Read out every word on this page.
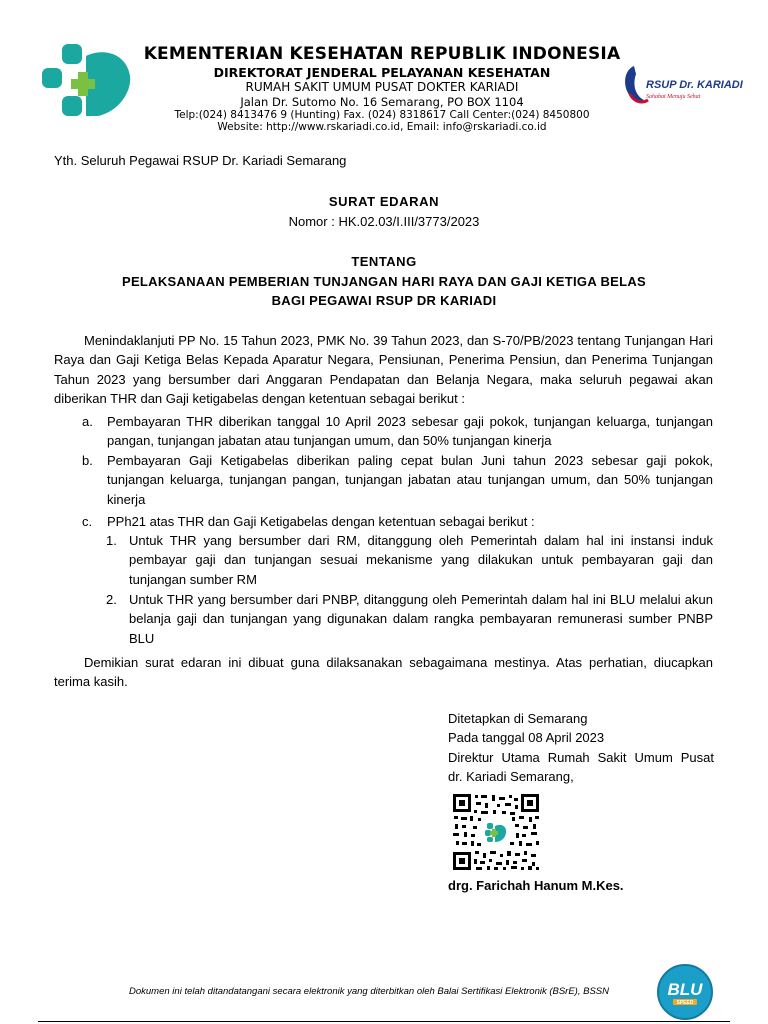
KEMENTERIAN KESEHATAN REPUBLIK INDONESIA
DIREKTORAT JENDERAL PELAYANAN KESEHATAN
RUMAH SAKIT UMUM PUSAT DOKTER KARIADI
Jalan Dr. Sutomo No. 16 Semarang, PO BOX 1104
Telp:(024) 8413476 9 (Hunting) Fax. (024) 8318617 Call Center:(024) 8450800
Website: http://www.rskariadi.co.id, Email: info@rskariadi.co.id
RSUP Dr. KARIADI
Sahabat Menuju Sehat
Yth. Seluruh Pegawai RSUP Dr. Kariadi Semarang
SURAT EDARAN
Nomor : HK.02.03/I.III/3773/2023
TENTANG
PELAKSANAAN PEMBERIAN TUNJANGAN HARI RAYA DAN GAJI KETIGA BELAS
BAGI PEGAWAI RSUP DR KARIADI
Menindaklanjuti PP No. 15 Tahun 2023, PMK No. 39 Tahun 2023, dan S-70/PB/2023 tentang Tunjangan Hari Raya dan Gaji Ketiga Belas Kepada Aparatur Negara, Pensiunan, Penerima Pensiun, dan Penerima Tunjangan Tahun 2023 yang bersumber dari Anggaran Pendapatan dan Belanja Negara, maka seluruh pegawai akan diberikan THR dan Gaji ketigabelas dengan ketentuan sebagai berikut :
a.	Pembayaran THR diberikan tanggal 10 April 2023 sebesar gaji pokok, tunjangan keluarga, tunjangan pangan, tunjangan jabatan atau tunjangan umum, dan 50% tunjangan kinerja
b.	Pembayaran Gaji Ketigabelas diberikan paling cepat bulan Juni tahun 2023 sebesar gaji pokok, tunjangan keluarga, tunjangan pangan, tunjangan jabatan atau tunjangan umum, dan 50% tunjangan kinerja
c.	PPh21 atas THR dan Gaji Ketigabelas dengan ketentuan sebagai berikut :
1. Untuk THR yang bersumber dari RM, ditanggung oleh Pemerintah dalam hal ini instansi induk pembayar gaji dan tunjangan sesuai mekanisme yang dilakukan untuk pembayaran gaji dan tunjangan sumber RM
2. Untuk THR yang bersumber dari PNBP, ditanggung oleh Pemerintah dalam hal ini BLU melalui akun belanja gaji dan tunjangan yang digunakan dalam rangka pembayaran remunerasi sumber PNBP BLU
Demikian surat edaran ini dibuat guna dilaksanakan sebagaimana mestinya. Atas perhatian, diucapkan terima kasih.
Ditetapkan di Semarang
Pada tanggal 08 April 2023
Direktur Utama Rumah Sakit Umum Pusat
dr. Kariadi Semarang,
drg. Farichah Hanum M.Kes.
Dokumen ini telah ditandatangani secara elektronik yang diterbitkan oleh Balai Sertifikasi Elektronik (BSrE), BSSN	BLU
SPEED
